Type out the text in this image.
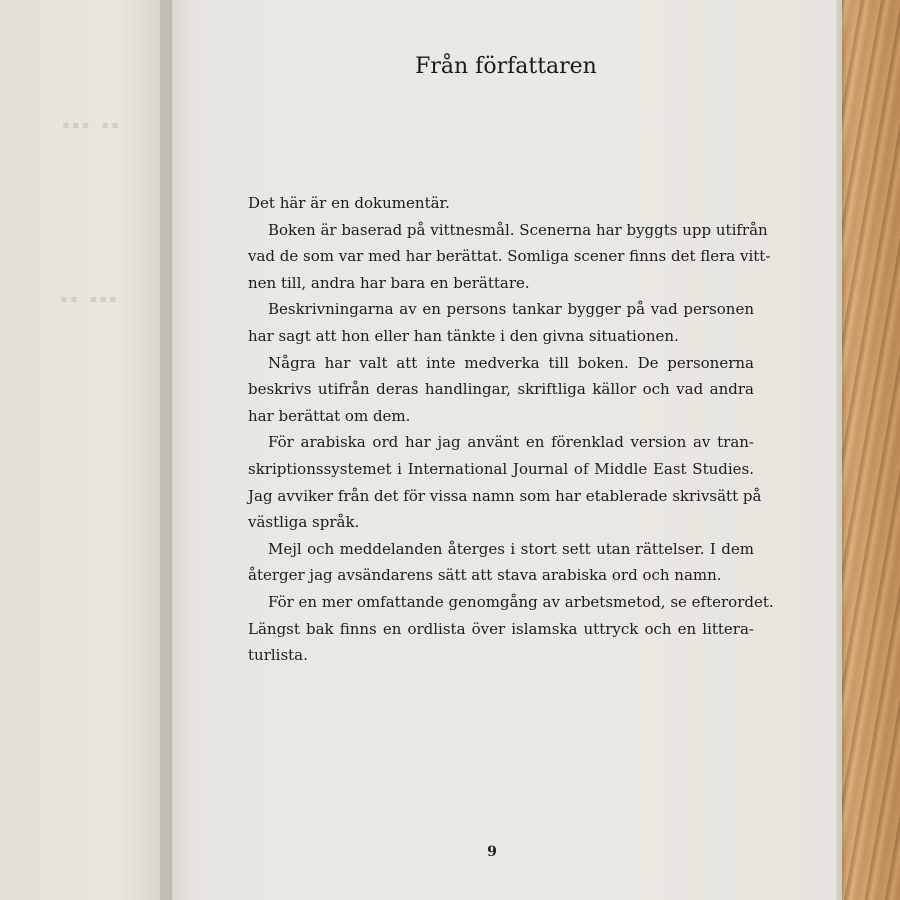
▪▪▪ ▪▪
▪▪ ▪▪▪
Från författaren
Det här är en dokumentär.
Boken är baserad på vittnesmål. Scenerna har byggts upp utifrån
vad de som var med har berättat. Somliga scener finns det flera vitt-
nen till, andra har bara en berättare.
Beskrivningarna av en persons tankar bygger på vad personen
har sagt att hon eller han tänkte i den givna situationen.
Några har valt att inte medverka till boken. De personerna
beskrivs utifrån deras handlingar, skriftliga källor och vad andra
har berättat om dem.
För arabiska ord har jag använt en förenklad version av tran-
skriptionssystemet i International Journal of Middle East Studies.
Jag avviker från det för vissa namn som har etablerade skrivsätt på
västliga språk.
Mejl och meddelanden återges i stort sett utan rättelser. I dem
återger jag avsändarens sätt att stava arabiska ord och namn.
För en mer omfattande genomgång av arbetsmetod, se efterordet.
Längst bak finns en ordlista över islamska uttryck och en littera-
turlista.
9
